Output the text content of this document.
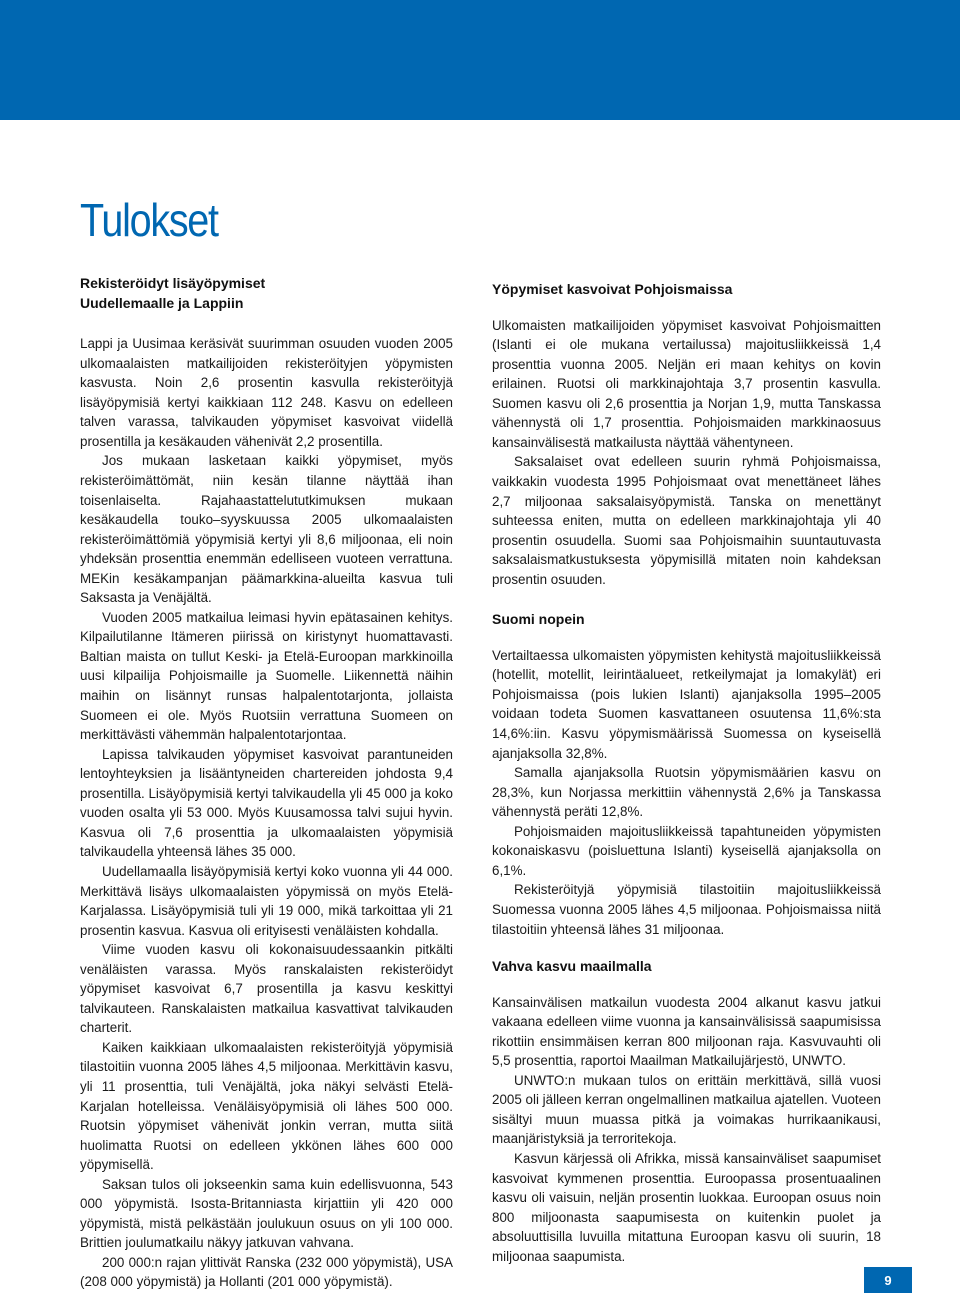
Tulokset
Rekisteröidyt lisäyöpymiset
Uudellemaalle ja Lappiin

Lappi ja Uusimaa keräsivät suurimman osuuden vuoden 2005 ulkomaalaisten matkailijoiden rekisteröityjen yöpymisten kasvusta. Noin 2,6 prosentin kasvulla rekisteröityjä lisäyöpymisiä kertyi kaikkiaan 112 248. Kasvu on edelleen talven varassa, talvikauden yöpymiset kasvoivat viidellä prosentilla ja kesäkauden vähenivät 2,2 prosentilla.

Jos mukaan lasketaan kaikki yöpymiset, myös rekisteröimättömät, niin kesän tilanne näyttää ihan toisenlaiselta. Rajahaastattelututkimuksen mukaan kesäkaudella touko–syyskuussa 2005 ulkomaalaisten rekisteröimättömiä yöpymisiä kertyi yli 8,6 miljoonaa, eli noin yhdeksän prosenttia enemmän edelliseen vuoteen verrattuna. MEKin kesäkampanjan päämarkkina-alueilta kasvua tuli Saksasta ja Venäjältä.

Vuoden 2005 matkailua leimasi hyvin epätasainen kehitys. Kilpailutilanne Itämeren piirissä on kiristynyt huomattavasti. Baltian maista on tullut Keski- ja Etelä-Euroopan markkinoilla uusi kilpailija Pohjoismaille ja Suomelle. Liikennettä näihin maihin on lisännyt runsas halpalentotarjonta, jollaista Suomeen ei ole. Myös Ruotsiin verrattuna Suomeen on merkittävästi vähemmän halpalentotarjontaa.

Lapissa talvikauden yöpymiset kasvoivat parantuneiden lentoyhteyksien ja lisääntyneiden chartereiden johdosta 9,4 prosentilla. Lisäyöpymisiä kertyi talvikaudella yli 45 000 ja koko vuoden osalta yli 53 000. Myös Kuusamossa talvi sujui hyvin. Kasvua oli 7,6 prosenttia ja ulkomaalaisten yöpymisiä talvikaudella yhteensä lähes 35 000.

Uudellamaalla lisäyöpymisiä kertyi koko vuonna yli 44 000. Merkittävä lisäys ulkomaalaisten yöpymissä on myös Etelä-Karjalassa. Lisäyöpymisiä tuli yli 19 000, mikä tarkoittaa yli 21 prosentin kasvua. Kasvua oli erityisesti venäläisten kohdalla.

Viime vuoden kasvu oli kokonaisuudessaankin pitkälti venäläisten varassa. Myös ranskalaisten rekisteröidyt yöpymiset kasvoivat 6,7 prosentilla ja kasvu keskittyi talvikauteen. Ranskalaisten matkailua kasvattivat talvikauden charterit.

Kaiken kaikkiaan ulkomaalaisten rekisteröityjä yöpymisiä tilastoitiin vuonna 2005 lähes 4,5 miljoonaa. Merkittävin kasvu, yli 11 prosenttia, tuli Venäjältä, joka näkyi selvästi Etelä-Karjalan hotelleissa. Venäläisyöpymisiä oli lähes 500 000. Ruotsin yöpymiset vähenivät jonkin verran, mutta siitä huolimatta Ruotsi on edelleen ykkönen lähes 600 000 yöpymisellä.

Saksan tulos oli jokseenkin sama kuin edellisvuonna, 543 000 yöpymistä. Isosta-Britanniasta kirjattiin yli 420 000 yöpymistä, mistä pelkästään joulukuun osuus on yli 100 000. Brittien joulumatkailu näkyy jatkuvan vahvana.

200 000:n rajan ylittivät Ranska (232 000 yöpymistä), USA (208 000 yöpymistä) ja Hollanti (201 000 yöpymistä).

Yöpymiset kasvoivat Pohjoismaissa

Ulkomaisten matkailijoiden yöpymiset kasvoivat Pohjoismaitten (Islanti ei ole mukana vertailussa) majoitusliikkeissä 1,4 prosenttia vuonna 2005. Neljän eri maan kehitys on kovin erilainen. Ruotsi oli markkinajohtaja 3,7 prosentin kasvulla. Suomen kasvu oli 2,6 prosenttia ja Norjan 1,9, mutta Tanskassa vähennystä oli 1,7 prosenttia. Pohjoismaiden markkinaosuus kansainvälisestä matkailusta näyttää vähentyneen.

Saksalaiset ovat edelleen suurin ryhmä Pohjoismaissa, vaikkakin vuodesta 1995 Pohjoismaat ovat menettäneet lähes 2,7 miljoonaa saksalaisyöpymistä. Tanska on menettänyt suhteessa eniten, mutta on edelleen markkinajohtaja yli 40 prosentin osuudella. Suomi saa Pohjoismaihin suuntautuvasta saksalaismatkustuksesta yöpymisillä mitaten noin kahdeksan prosentin osuuden.

Suomi nopein

Vertailtaessa ulkomaisten yöpymisten kehitystä majoitusliikkeissä (hotellit, motellit, leirintäalueet, retkeilymajat ja lomakylät) eri Pohjoismaissa (pois lukien Islanti) ajanjaksolla 1995–2005 voidaan todeta Suomen kasvattaneen osuutensa 11,6%:sta 14,6%:iin. Kasvu yöpymismäärissä Suomessa on kyseisellä ajanjaksolla 32,8%.

Samalla ajanjaksolla Ruotsin yöpymismäärien kasvu on 28,3%, kun Norjassa merkittiin vähennystä 2,6% ja Tanskassa vähennystä peräti 12,8%.

Pohjoismaiden majoitusliikkeissä tapahtuneiden yöpymisten kokonaiskasvu (poisluettuna Islanti) kyseisellä ajanjaksolla on 6,1%.

Rekisteröityjä yöpymisiä tilastoitiin majoitusliikkeissä Suomessa vuonna 2005 lähes 4,5 miljoonaa. Pohjoismaissa niitä tilastoitiin yhteensä lähes 31 miljoonaa.

Vahva kasvu maailmalla

Kansainvälisen matkailun vuodesta 2004 alkanut kasvu jatkui vakaana edelleen viime vuonna ja kansainvälisissä saapumisissa rikottiin ensimmäisen kerran 800 miljoonan raja. Kasvuvauhti oli 5,5 prosenttia, raportoi Maailman Matkailujärjestö, UNWTO.

UNWTO:n mukaan tulos on erittäin merkittävä, sillä vuosi 2005 oli jälleen kerran ongelmallinen matkailua ajatellen. Vuoteen sisältyi muun muassa pitkä ja voimakas hurrikaanikausi, maanjäristyksiä ja terroritekoja.

Kasvun kärjessä oli Afrikka, missä kansainväliset saapumiset kasvoivat kymmenen prosenttia. Euroopassa prosentuaalinen kasvu oli vaisuin, neljän prosentin luokkaa. Euroopan osuus noin 800 miljoonasta saapumisesta on kuitenkin puolet ja absoluuttisilla luvuilla mitattuna Euroopan kasvu oli suurin, 18 miljoonaa saapumista.

9
